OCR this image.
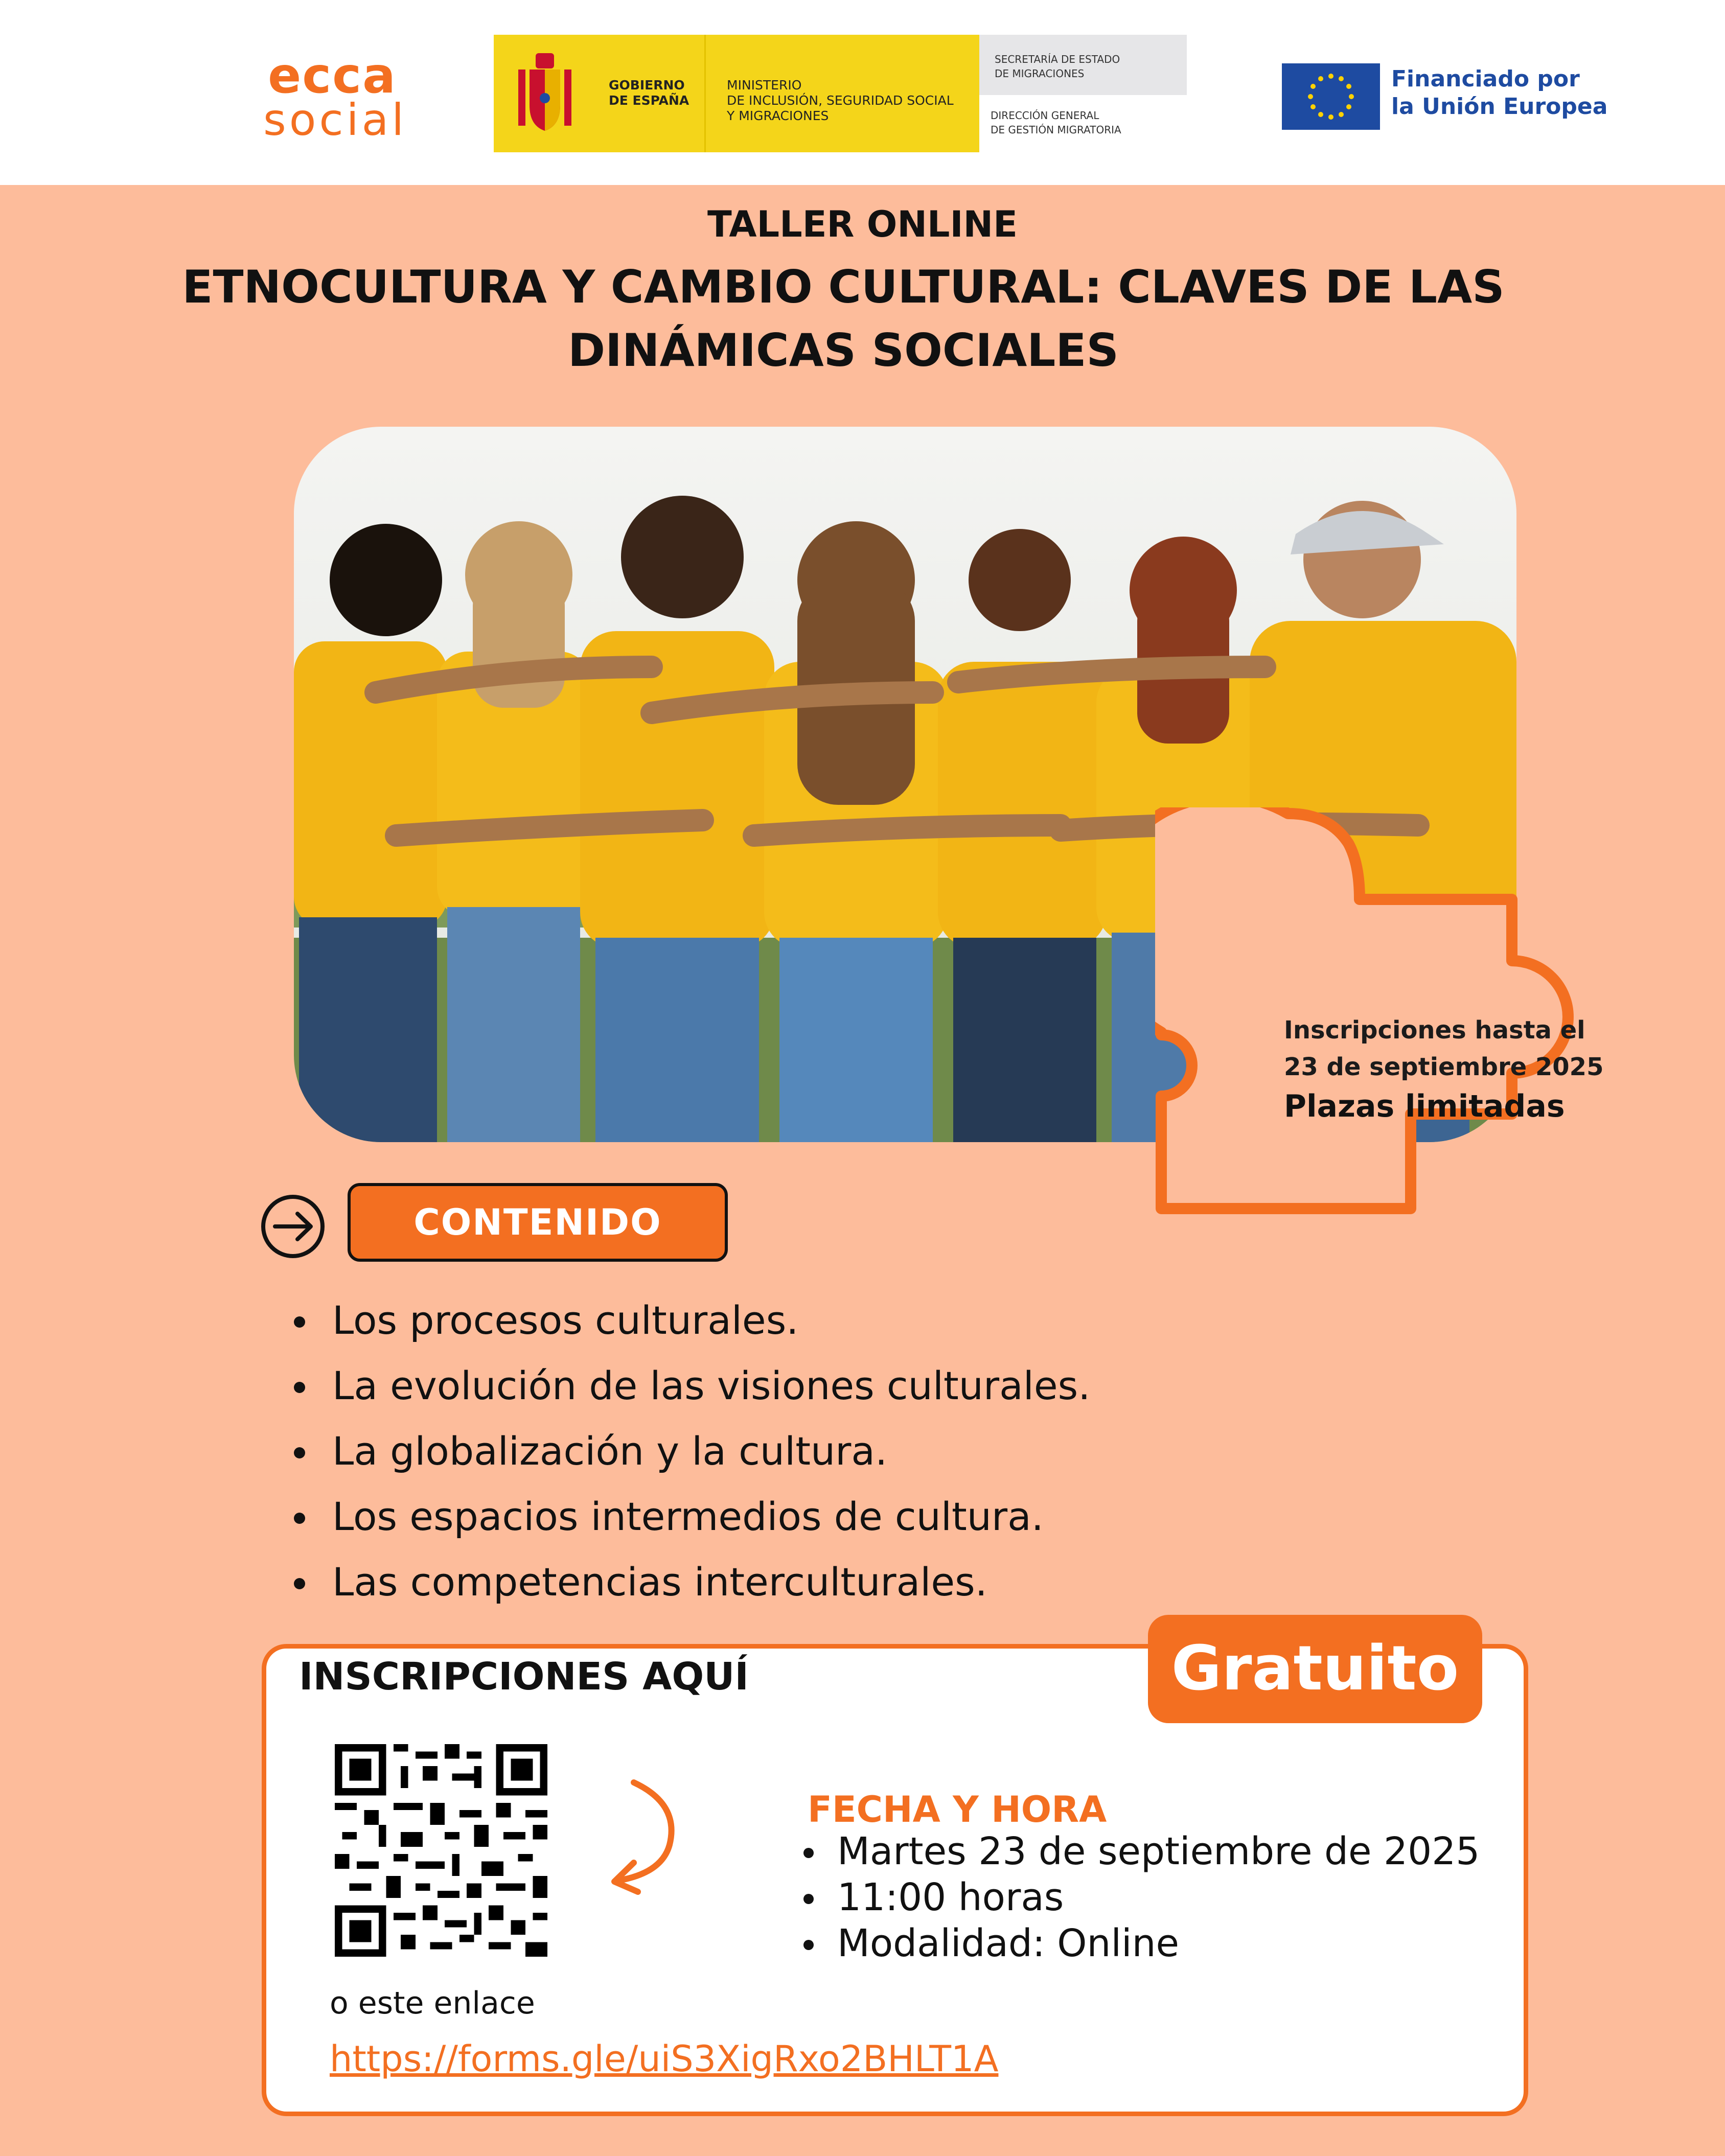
ecca
social
GOBIERNO
DE ESPAÑA
MINISTERIO
DE INCLUSIÓN, SEGURIDAD SOCIAL
Y MIGRACIONES
SECRETARÍA DE ESTADO
DE MIGRACIONES
DIRECCIÓN GENERAL
DE GESTIÓN MIGRATORIA
Financiado por
la Unión Europea
TALLER ONLINE
ETNOCULTURA Y CAMBIO CULTURAL: CLAVES DE LAS
DINÁMICAS SOCIALES
Inscripciones hasta el
23 de septiembre 2025
Plazas limitadas
CONTENIDO
Los procesos culturales.
La evolución de las visiones culturales.
La globalización y la cultura.
Los espacios intermedios de cultura.
Las competencias interculturales.
Gratuito
INSCRIPCIONES AQUÍ
o este enlace
https://forms.gle/uiS3XigRxo2BHLT1A
FECHA Y HORA
Martes 23 de septiembre de 2025
11:00 horas
Modalidad: Online
